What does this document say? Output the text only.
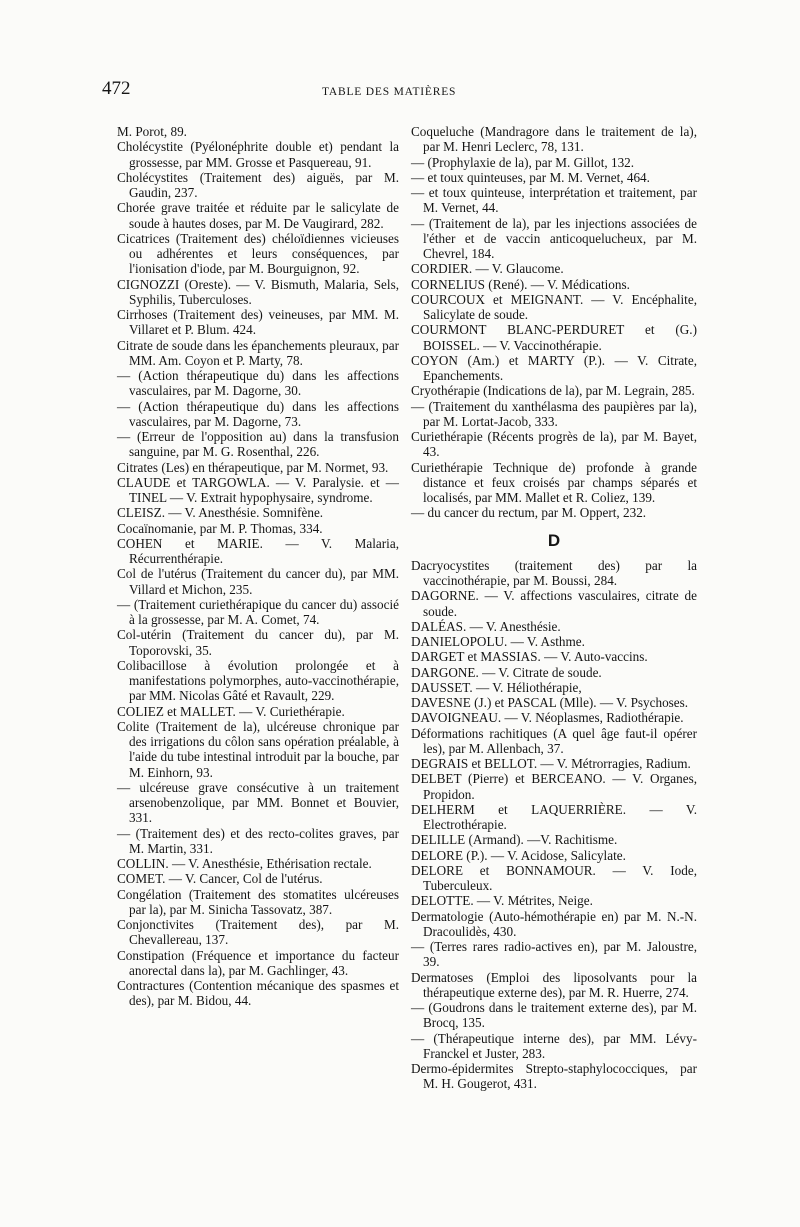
472	TABLE DES MATIÈRES

M. Porot, 89.

Cholécystite (Pyélonéphrite double et) pendant la grossesse, par MM. Grosse et Pasquereau, 91.

Cholécystites (Traitement des) aiguës, par M. Gaudin, 237.

Chorée grave traitée et réduite par le salicylate de soude à hautes doses, par M. De Vaugirard, 282.

Cicatrices (Traitement des) chéloïdiennes vicieuses ou adhérentes et leurs conséquences, par l'ionisation d'iode, par M. Bourguignon, 92.

CIGNOZZI (Oreste). — V. Bismuth, Malaria, Sels, Syphilis, Tuberculoses.

Cirrhoses (Traitement des) veineuses, par MM. M. Villaret et P. Blum. 424.

Citrate de soude dans les épanchements pleuraux, par MM. Am. Coyon et P. Marty, 78.

— (Action thérapeutique du) dans les affections vasculaires, par M. Dagorne, 30.

— (Action thérapeutique du) dans les affections vasculaires, par M. Dagorne, 73.

— (Erreur de l'opposition au) dans la transfusion sanguine, par M. G. Rosenthal, 226.

Citrates (Les) en thérapeutique, par M. Normet, 93.

CLAUDE et TARGOWLA. — V. Paralysie. et — TINEL — V. Extrait hypophysaire, syndrome.

CLEISZ. — V. Anesthésie. Somnifène.

Cocaïnomanie, par M. P. Thomas, 334.

COHEN et MARIE. — V. Malaria, Récurrenthérapie.

Col de l'utérus (Traitement du cancer du), par MM. Villard et Michon, 235.

— (Traitement curiethérapique du cancer du) associé à la grossesse, par M. A. Comet, 74.

Col-utérin (Traitement du cancer du), par M. Toporovski, 35.

Colibacillose à évolution prolongée et à manifestations polymorphes, auto-vaccinothérapie, par MM. Nicolas Gâté et Ravault, 229.

COLIEZ et MALLET. — V. Curiethérapie.

Colite (Traitement de la), ulcéreuse chronique par des irrigations du côlon sans opération préalable, à l'aide du tube intestinal introduit par la bouche, par M. Einhorn, 93.

— ulcéreuse grave consécutive à un traitement arsenobenzolique, par MM. Bonnet et Bouvier, 331.

— (Traitement des) et des recto-colites graves, par M. Martin, 331.

COLLIN. — V. Anesthésie, Ethérisation rectale.

COMET. — V. Cancer, Col de l'utérus.

Congélation (Traitement des stomatites ulcéreuses par la), par M. Sinicha Tassovatz, 387.

Conjonctivites (Traitement des), par M. Chevallereau, 137.

Constipation (Fréquence et importance du facteur anorectal dans la), par M. Gachlinger, 43.

Contractures (Contention mécanique des spasmes et des), par M. Bidou, 44.

Coqueluche (Mandragore dans le traitement de la), par M. Henri Leclerc, 78, 131.

— (Prophylaxie de la), par M. Gillot, 132.

— et toux quinteuses, par M. M. Vernet, 464.

— et toux quinteuse, interprétation et traitement, par M. Vernet, 44.

— (Traitement de la), par les injections associées de l'éther et de vaccin anticoquelucheux, par M. Chevrel, 184.

CORDIER. — V. Glaucome.

CORNELIUS (René). — V. Médications.

COURCOUX et MEIGNANT. — V. Encéphalite, Salicylate de soude.

COURMONT BLANC-PERDURET et (G.) BOISSEL. — V. Vaccinothérapie.

COYON (Am.) et MARTY (P.). — V. Citrate, Epanchements.

Cryothérapie (Indications de la), par M. Legrain, 285.

— (Traitement du xanthélasma des paupières par la), par M. Lortat-Jacob, 333.

Curiethérapie (Récents progrès de la), par M. Bayet, 43.

Curiethérapie Technique de) profonde à grande distance et feux croisés par champs séparés et localisés, par MM. Mallet et R. Coliez, 139.

— du cancer du rectum, par M. Oppert, 232.

D

Dacryocystites (traitement des) par la vaccinothérapie, par M. Boussi, 284.

DAGORNE. — V. affections vasculaires, citrate de soude.

DALÉAS. — V. Anesthésie.

DANIELOPOLU. — V. Asthme.

DARGET et MASSIAS. — V. Auto-vaccins.

DARGONE. — V. Citrate de soude.

DAUSSET. — V. Héliothérapie,

DAVESNE (J.) et PASCAL (Mlle). — V. Psychoses.

DAVOIGNEAU. — V. Néoplasmes, Radiothérapie.

Déformations rachitiques (A quel âge faut-il opérer les), par M. Allenbach, 37.

DEGRAIS et BELLOT. — V. Métrorragies, Radium.

DELBET (Pierre) et BERCEANO. — V. Organes, Propidon.

DELHERM et LAQUERRIÈRE. — V. Electrothérapie.

DELILLE (Armand). —V. Rachitisme.

DELORE (P.). — V. Acidose, Salicylate.

DELORE et BONNAMOUR. — V. Iode, Tuberculeux.

DELOTTE. — V. Métrites, Neige.

Dermatologie (Auto-hémothérapie en) par M. N.-N. Dracoulidès, 430.

— (Terres rares radio-actives en), par M. Jaloustre, 39.

Dermatoses (Emploi des liposolvants pour la thérapeutique externe des), par M. R. Huerre, 274.

— (Goudrons dans le traitement externe des), par M. Brocq, 135.

— (Thérapeutique interne des), par MM. Lévy-Franckel et Juster, 283.

Dermo-épidermites Strepto-staphylococciques, par M. H. Gougerot, 431.
